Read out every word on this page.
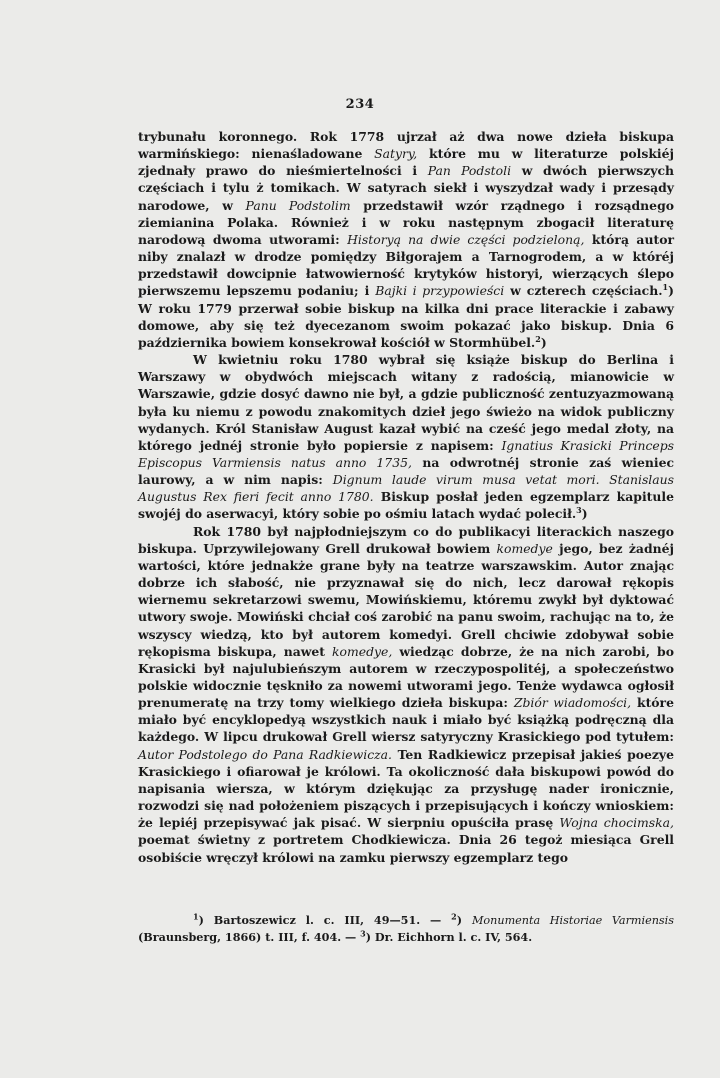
234

trybunału koronnego. Rok 1778 ujrzał aż dwa nowe dzieła biskupa warmińskiego: nienaśladowane Satyry, które mu w literaturze polskiéj zjednały prawo do nieśmiertelności i Pan Podstoli w dwóch pierwszych częściach i tylu ż tomikach. W satyrach siekł i wyszydzał wady i przesądy narodowe, w Panu Podstolim przedstawił wzór rządnego i rozsądnego ziemianina Polaka. Również i w roku następnym zbogacił literaturę narodową dwoma utworami: Historyą na dwie części podzieloną, którą autor niby znalazł w drodze pomiędzy Biłgorajem a Tarnogrodem, a w któréj przedstawił dowcipnie łatwowierność krytyków historyi, wierzących ślepo pierwszemu lepszemu podaniu; i Bajki i przypowieści w czterech częściach.$^1$) W roku 1779 przerwał sobie biskup na kilka dni prace literackie i zabawy domowe, aby się też dyecezanom swoim pokazać jako biskup. Dnia 6 października bowiem konsekrował kościół w Stormhübel.$^2$)

W kwietniu roku 1780 wybrał się książe biskup do Berlina i Warszawy w obydwóch miejscach witany z radością, mianowicie w Warszawie, gdzie dosyć dawno nie był, a gdzie publiczność zentuzyazmowaną była ku niemu z powodu znakomitych dzieł jego świeżo na widok publiczny wydanych. Król Stanisław August kazał wybić na cześć jego medal złoty, na którego jednéj stronie było popiersie z napisem: Ignatius Krasicki Princeps Episcopus Varmiensis natus anno 1735, na odwrotnéj stronie zaś wieniec laurowy, a w nim napis: Dignum laude virum musa vetat mori. Stanislaus Augustus Rex fieri fecit anno 1780. Biskup posłał jeden egzemplarz kapitule swojéj do aserwacyi, który sobie po ośmiu latach wydać polecił.$^3$)

Rok 1780 był najpłodniejszym co do publikacyi literackich naszego biskupa. Uprzywilejowany Grell drukował bowiem komedye jego, bez żadnéj wartości, które jednakże grane były na teatrze warszawskim. Autor znając dobrze ich słabość, nie przyznawał się do nich, lecz darował rękopis wiernemu sekretarzowi swemu, Mowińskiemu, któremu zwykł był dyktować utwory swoje. Mowiński chciał coś zarobić na panu swoim, rachując na to, że wszyscy wiedzą, kto był autorem komedyi. Grell chciwie zdobywał sobie rękopisma biskupa, nawet komedye, wiedząc dobrze, że na nich zarobi, bo Krasicki był najulubieńszym autorem w rzeczypospolitéj, a społeczeństwo polskie widocznie tęskniło za nowemi utworami jego. Tenże wydawca ogłosił prenumeratę na trzy tomy wielkiego dzieła biskupa: Zbiór wiadomości, które miało być encyklopedyą wszystkich nauk i miało być książką podręczną dla każdego. W lipcu drukował Grell wiersz satyryczny Krasickiego pod tytułem: Autor Podstolego do Pana Radkiewicza. Ten Radkiewicz przepisał jakieś poezye Krasickiego i ofiarował je królowi. Ta okoliczność dała biskupowi powód do napisania wiersza, w którym dziękując za przysługę nader ironicznie, rozwodzi się nad położeniem piszących i przepisujących i kończy wnioskiem: że lepiéj przepisywać jak pisać. W sierpniu opuściła prasę Wojna chocimska, poemat świetny z portretem Chodkiewicza. Dnia 26 tegoż miesiąca Grell osobiście wręczył królowi na zamku pierwszy egzemplarz tego

$^1$) Bartoszewicz l. c. III, 49—51. — $^2$) Monumenta Historiae Varmiensis (Braunsberg, 1866) t. III, f. 404. — $^3$) Dr. Eichhorn l. c. IV, 564.
